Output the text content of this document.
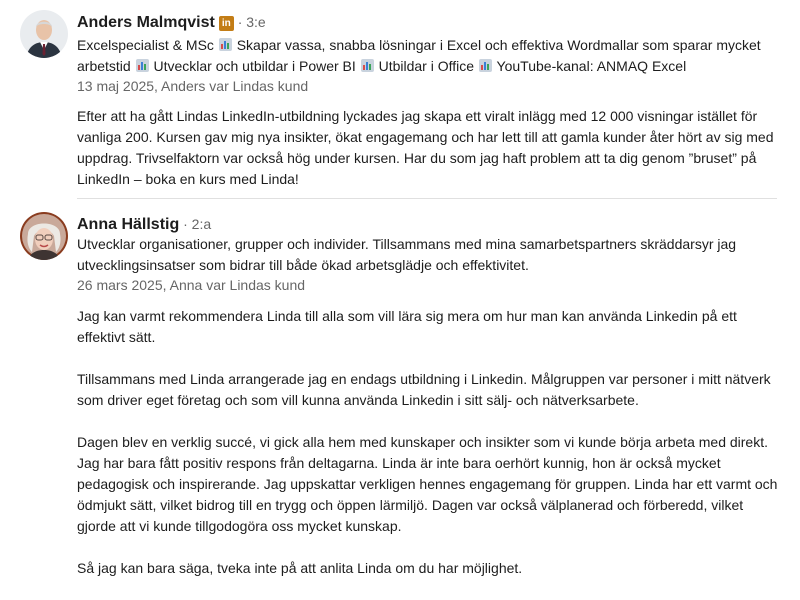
Anders Malmqvist in · 3:e
Excelspecialist & MSc
Skapar vassa, snabba lösningar i Excel och effektiva Wordmallar som sparar mycket arbetstid
Utvecklar och utbildar i Power BI
Utbildar i Office
YouTube-kanal: ANMAQ Excel
13 maj 2025, Anders var Lindas kund

Efter att ha gått Lindas LinkedIn-utbildning lyckades jag skapa ett viralt inlägg med 12 000 visningar istället för vanliga 200. Kursen gav mig nya insikter, ökat engagemang och har lett till att gamla kunder åter hört av sig med uppdrag. Trivselfaktorn var också hög under kursen. Har du som jag haft problem att ta dig genom ”bruset” på LinkedIn – boka en kurs med Linda!

Anna Hällstig · 2:a
Utvecklar organisationer, grupper och individer. Tillsammans med mina samarbetspartners skräddarsyr jag utvecklingsinsatser som bidrar till både ökad arbetsglädje och effektivitet.
26 mars 2025, Anna var Lindas kund

Jag kan varmt rekommendera Linda till alla som vill lära sig mera om hur man kan använda Linkedin på ett effektivt sätt.

Tillsammans med Linda arrangerade jag en endags utbildning i Linkedin. Målgruppen var personer i mitt nätverk som driver eget företag och som vill kunna använda Linkedin i sitt sälj- och nätverksarbete.

Dagen blev en verklig succé, vi gick alla hem med kunskaper och insikter som vi kunde börja arbeta med direkt. Jag har bara fått positiv respons från deltagarna. Linda är inte bara oerhört kunnig, hon är också mycket pedagogisk och inspirerande. Jag uppskattar verkligen hennes engagemang för gruppen. Linda har ett varmt och ödmjukt sätt, vilket bidrog till en trygg och öppen lärmiljö. Dagen var också välplanerad och förberedd, vilket gjorde att vi kunde tillgodogöra oss mycket kunskap.

Så jag kan bara säga, tveka inte på att anlita Linda om du har möjlighet.
